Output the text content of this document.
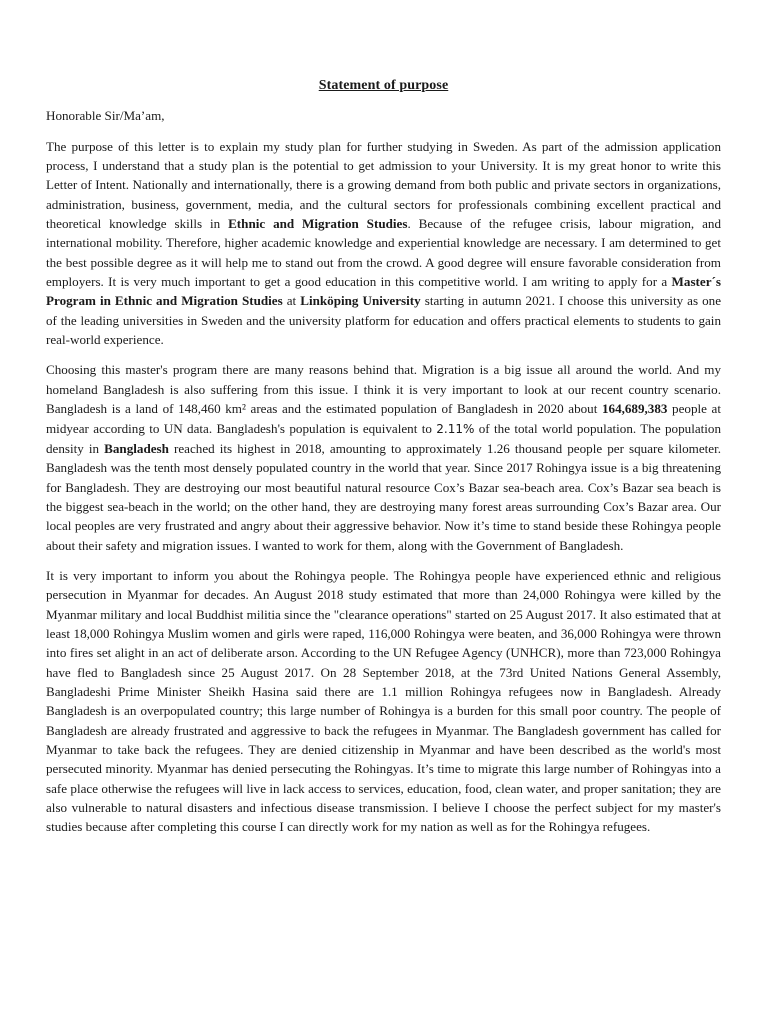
Statement of purpose
Honorable Sir/Ma’am,
The purpose of this letter is to explain my study plan for further studying in Sweden. As part of the admission application process, I understand that a study plan is the potential to get admission to your University. It is my great honor to write this Letter of Intent. Nationally and internationally, there is a growing demand from both public and private sectors in organizations, administration, business, government, media, and the cultural sectors for professionals combining excellent practical and theoretical knowledge skills in Ethnic and Migration Studies. Because of the refugee crisis, labour migration, and international mobility. Therefore, higher academic knowledge and experiential knowledge are necessary. I am determined to get the best possible degree as it will help me to stand out from the crowd. A good degree will ensure favorable consideration from employers. It is very much important to get a good education in this competitive world. I am writing to apply for a Master´s Program in Ethnic and Migration Studies at Linköping University starting in autumn 2021. I choose this university as one of the leading universities in Sweden and the university platform for education and offers practical elements to students to gain real-world experience.
Choosing this master's program there are many reasons behind that. Migration is a big issue all around the world. And my homeland Bangladesh is also suffering from this issue. I think it is very important to look at our recent country scenario. Bangladesh is a land of 148,460 km² areas and the estimated population of Bangladesh in 2020 about 164,689,383 people at midyear according to UN data. Bangladesh's population is equivalent to 2.11% of the total world population. The population density in Bangladesh reached its highest in 2018, amounting to approximately 1.26 thousand people per square kilometer. Bangladesh was the tenth most densely populated country in the world that year. Since 2017 Rohingya issue is a big threatening for Bangladesh. They are destroying our most beautiful natural resource Cox’s Bazar sea-beach area. Cox’s Bazar sea beach is the biggest sea-beach in the world; on the other hand, they are destroying many forest areas surrounding Cox’s Bazar area. Our local peoples are very frustrated and angry about their aggressive behavior. Now it’s time to stand beside these Rohingya people about their safety and migration issues. I wanted to work for them, along with the Government of Bangladesh.
It is very important to inform you about the Rohingya people. The Rohingya people have experienced ethnic and religious persecution in Myanmar for decades. An August 2018 study estimated that more than 24,000 Rohingya were killed by the Myanmar military and local Buddhist militia since the "clearance operations" started on 25 August 2017. It also estimated that at least 18,000 Rohingya Muslim women and girls were raped, 116,000 Rohingya were beaten, and 36,000 Rohingya were thrown into fires set alight in an act of deliberate arson. According to the UN Refugee Agency (UNHCR), more than 723,000 Rohingya have fled to Bangladesh since 25 August 2017. On 28 September 2018, at the 73rd United Nations General Assembly, Bangladeshi Prime Minister Sheikh Hasina said there are 1.1 million Rohingya refugees now in Bangladesh. Already Bangladesh is an overpopulated country; this large number of Rohingya is a burden for this small poor country. The people of Bangladesh are already frustrated and aggressive to back the refugees in Myanmar. The Bangladesh government has called for Myanmar to take back the refugees. They are denied citizenship in Myanmar and have been described as the world's most persecuted minority. Myanmar has denied persecuting the Rohingyas. It’s time to migrate this large number of Rohingyas into a safe place otherwise the refugees will live in lack access to services, education, food, clean water, and proper sanitation; they are also vulnerable to natural disasters and infectious disease transmission. I believe I choose the perfect subject for my master's studies because after completing this course I can directly work for my nation as well as for the Rohingya refugees.
